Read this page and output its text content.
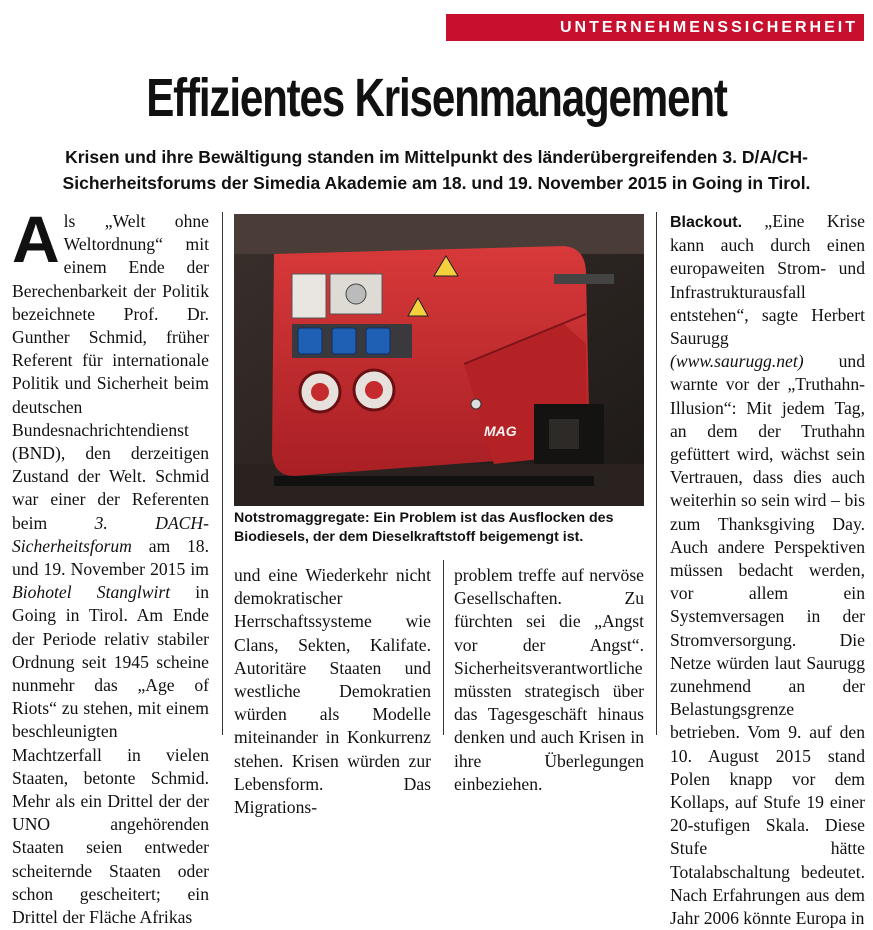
UNTERNEHMENSSICHERHEIT
Effizientes Krisenmanagement

Krisen und ihre Bewältigung standen im Mittelpunkt des länderübergreifenden 3. D/A/CH-Sicherheitsforums der Simedia Akademie am 18. und 19. November 2015 in Going in Tirol.

Als „Welt ohne Weltordnung“ mit einem Ende der Berechenbarkeit der Politik bezeichnete Prof. Dr. Gunther Schmid, früher Referent für internationale Politik und Sicherheit beim deutschen Bundesnachrichtendienst (BND), den derzeitigen Zustand der Welt. Schmid war einer der Referenten beim 3. DACH-Sicherheitsforum am 18. und 19. November 2015 im Biohotel Stanglwirt in Going in Tirol. Am Ende der Periode relativ stabiler Ordnung seit 1945 scheine nunmehr das „Age of Riots“ zu stehen, mit einem beschleunigten Machtzerfall in vielen Staaten, betonte Schmid. Mehr als ein Drittel der der UNO angehörenden Staaten seien entweder scheiternde Staaten oder schon gescheitert; ein Drittel der Fläche Afrikas
MAG
Notstromaggregate: Ein Problem ist das Ausflocken des Biodiesels, der dem Dieselkraftstoff beigemengt ist.
und eine Wiederkehr nicht demokratischer Herrschaftssysteme wie Clans, Sekten, Kalifate. Autoritäre Staaten und westliche Demokratien würden als Modelle miteinander in Konkurrenz stehen. Krisen würden zur Lebensform. Das Migrations-
problem treffe auf nervöse Gesellschaften. Zu fürchten sei die „Angst vor der Angst“. Sicherheitsverantwortliche müssten strategisch über das Tagesgeschäft hinaus denken und auch Krisen in ihre Überlegungen einbeziehen.
Blackout. „Eine Krise kann auch durch einen europaweiten Strom- und Infrastrukturausfall entstehen“, sagte Herbert Saurugg (www.saurugg.net) und warnte vor der „Truthahn-Illusion“: Mit jedem Tag, an dem der Truthahn gefüttert wird, wächst sein Vertrauen, dass dies auch weiterhin so sein wird – bis zum Thanksgiving Day. Auch andere Perspektiven müssen bedacht werden, vor allem ein Systemversagen in der Stromversorgung. Die Netze würden laut Saurugg zunehmend an der Belastungsgrenze betrieben. Vom 9. auf den 10. August 2015 stand Polen knapp vor dem Kollaps, auf Stufe 19 einer 20-stufigen Skala. Diese Stufe hätte Totalabschaltung bedeutet. Nach Erfahrungen aus dem Jahr 2006 könnte Europa in
